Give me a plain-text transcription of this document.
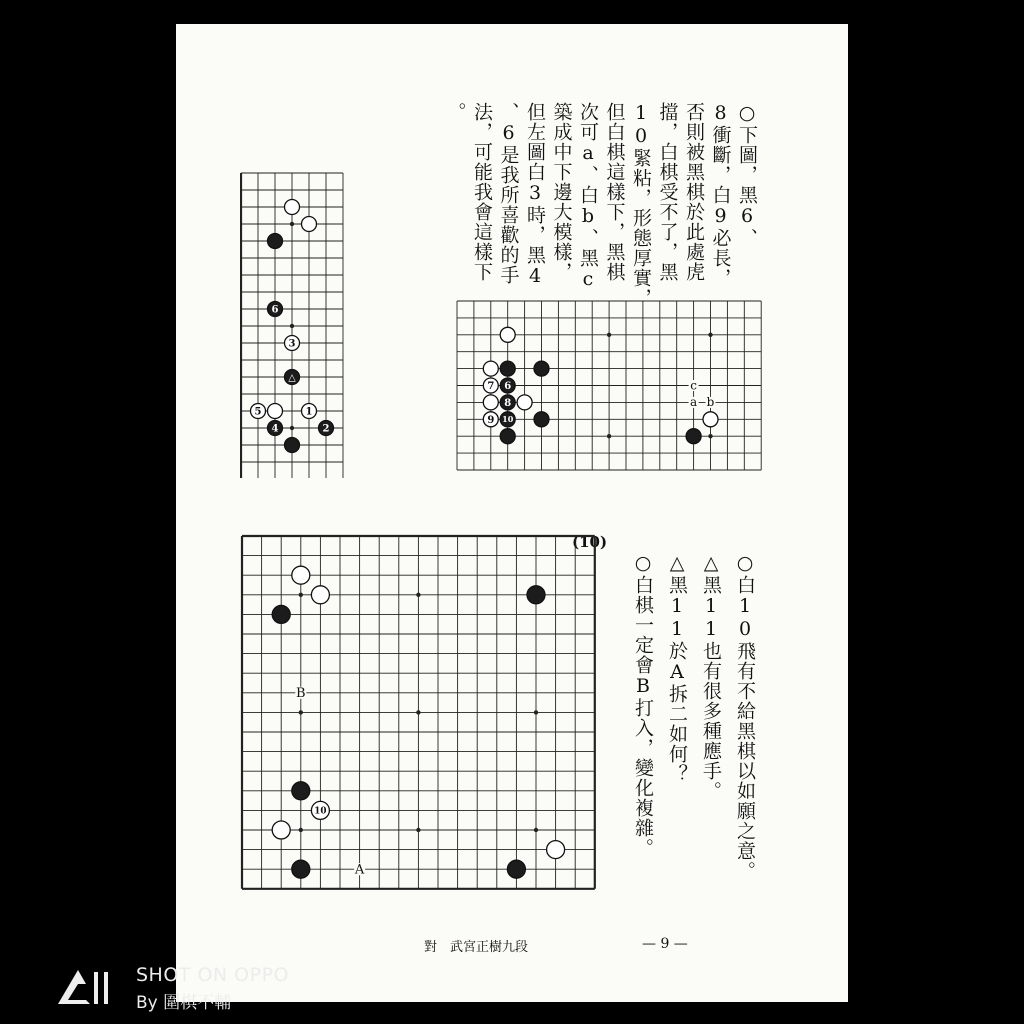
○下圖，黑6、
8衝斷，白9必長，
否則被黑棋於此處虎
擋，白棋受不了，黑
10緊粘，形態厚實，
但白棋這樣下，黑棋
次可a、白b、黑c
築成中下邊大模樣，
但左圖白3時，黑4
、6是我所喜歡的手
法，可能我會這樣下
。
○白10飛有不給黑棋以如願之意。
△黑11也有很多種應手。
△黑11於A拆二如何？
○白棋一定會B打入，變化複雜。
6
3
△
5	1
4	2
c
a b
7 6
8
9 10
(10)
B
A
10
對　武宮正樹九段	— 9 —
SHOT ON OPPO
By 圍棋不輔
